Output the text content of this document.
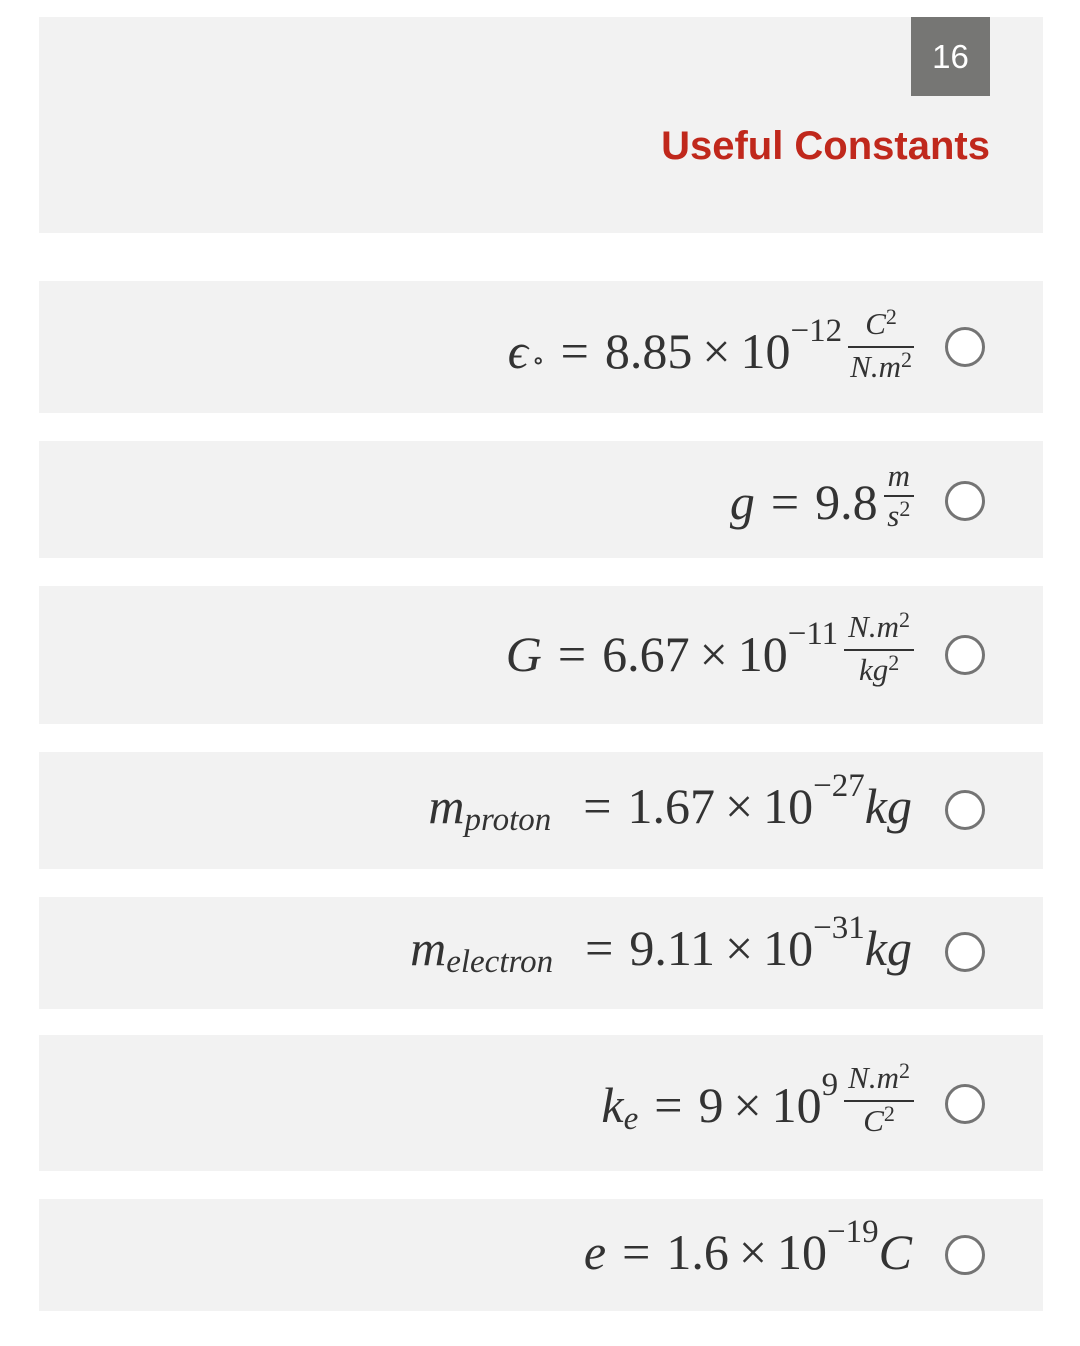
16
Useful Constants
ϵ ∘ = $8.85 \times 10 -12 \frac{C^2}{N.m^2}$
$g = 9.8 \frac{m}{s^2}$
$G = 6.67 \times 10 -11 \frac{N.m^2}{kg^2}$
m proton = 1.67 × 10 −27 kg
m electron = 9.11 × 10 −31 kg
k e = 9 × 10 $9 \frac{N.m^2}{C^2}$
e = 1.6 × 10 −19 C
